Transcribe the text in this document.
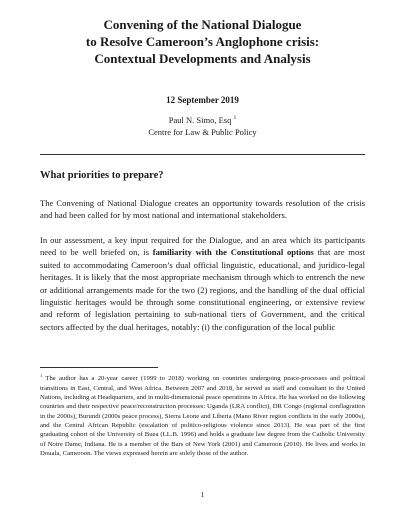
Convening of the National Dialogue
to Resolve Cameroon’s Anglophone crisis:
Contextual Developments and Analysis
12 September 2019
Paul N. Simo, Esq $^1$
Centre for Law & Public Policy
What priorities to prepare?
The Convening of National Dialogue creates an opportunity towards resolution of the crisis and had been called for by most national and international stakeholders.
In our assessment, a key input required for the Dialogue, and an area which its participants need to be well briefed on, is familiarity with the Constitutional options that are most suited to accommodating Cameroon’s dual official linguistic, educational, and juridico-legal heritages. It is likely that the most appropriate mechanism through which to entrench the new or additional arrangements made for the two (2) regions, and the handling of the dual official linguistic heritages would be through some constitutional engineering, or extensive review and reform of legislation pertaining to sub-national tiers of Government, and the critical sectors affected by the dual heritages, notably: (i) the configuration of the local public
$^1$ The author has a 20-year career (1999 to 2018) working on countries undergoing peace-processes and political transitions in East, Central, and West Africa. Between 2007 and 2018, he served as staff and consultant to the United Nations, including at Headquarters, and in multi-dimensional peace operations in Africa. He has worked on the following countries and their respective peace/reconstruction processes: Uganda (LRA conflict), DR Congo (regional conflagration in the 2000s), Burundi (2000s peace process), Sierra Leone and Liberia (Mano River region conflicts in the early 2000s), and the Central African Republic (escalation of politico-religious violence since 2013). He was part of the first graduating cohort of the University of Buea (LL.B. 1996) and holds a graduate law degree from the Catholic University of Notre Dame, Indiana. He is a member of the Bars of New York (2001) and Cameroon (2010). He lives and works in Douala, Cameroon. The views expressed herein are solely those of the author.
1
